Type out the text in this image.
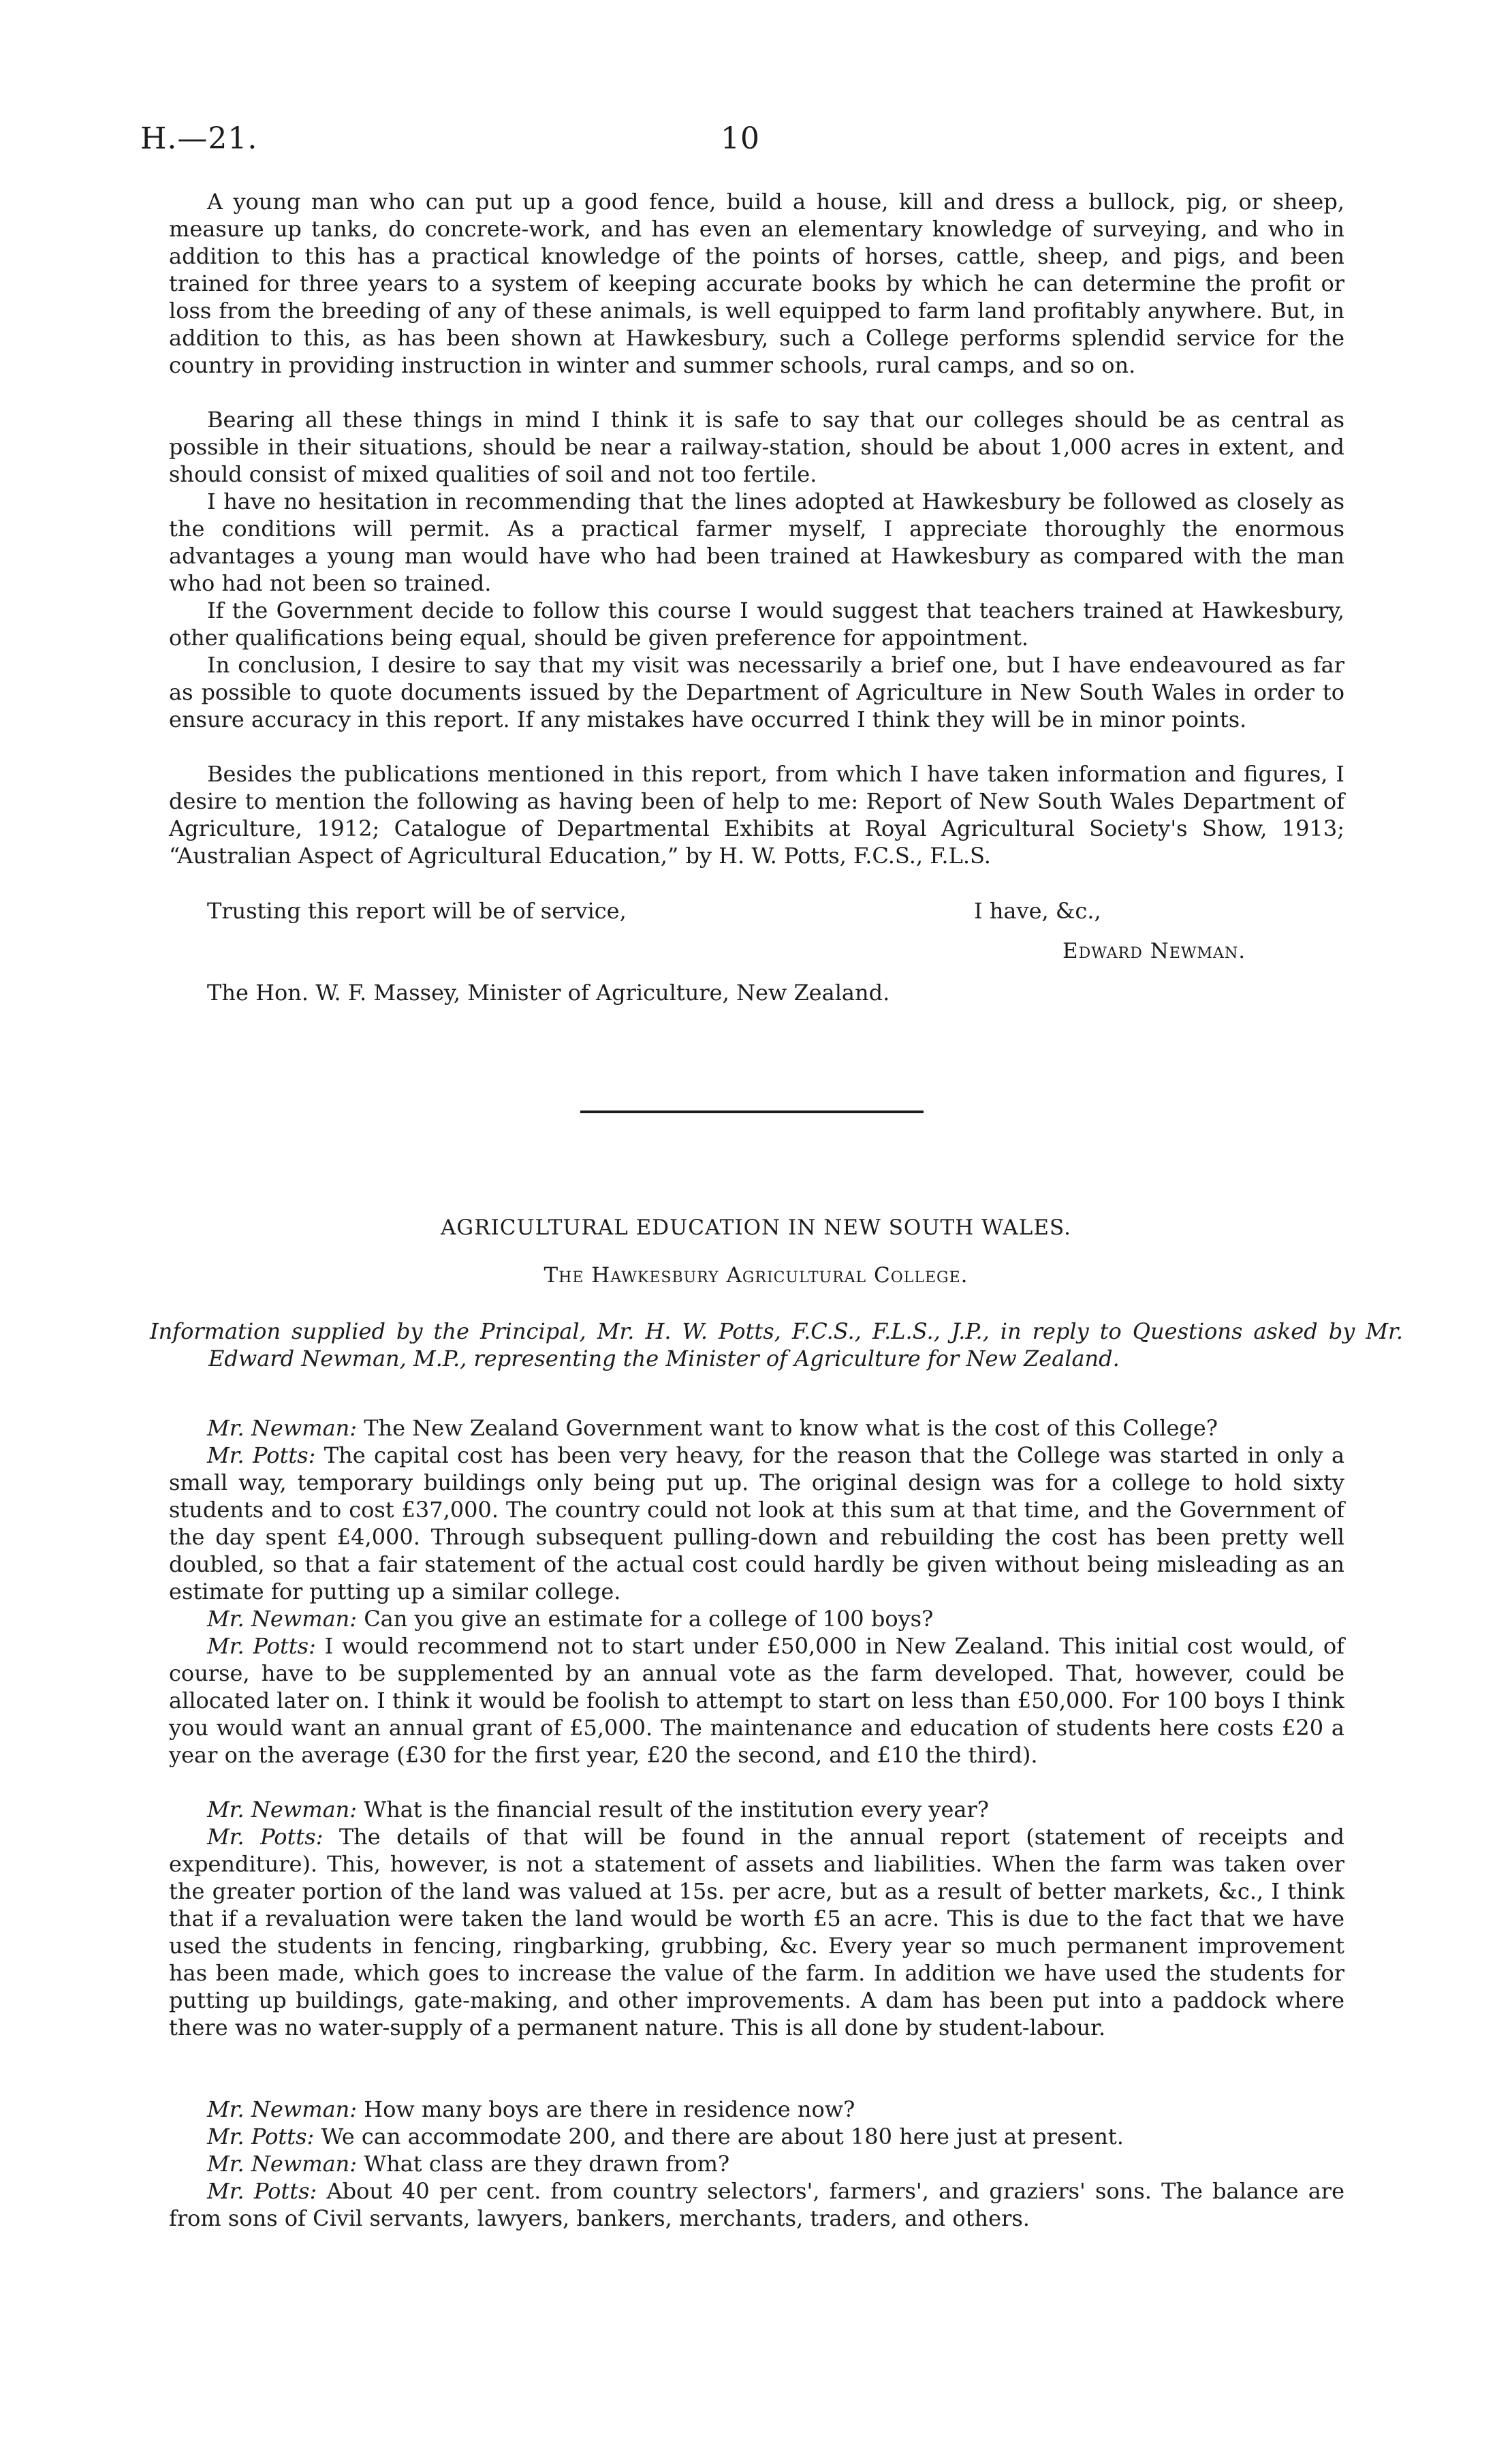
H.—21.	10

A young man who can put up a good fence, build a house, kill and dress a bullock, pig, or sheep, measure up tanks, do concrete-work, and has even an elementary knowledge of surveying, and who in addition to this has a practical knowledge of the points of horses, cattle, sheep, and pigs, and been trained for three years to a system of keeping accurate books by which he can determine the profit or loss from the breeding of any of these animals, is well equipped to farm land profitably anywhere. But, in addition to this, as has been shown at Hawkesbury, such a College performs splendid service for the country in providing instruction in winter and summer schools, rural camps, and so on.

Bearing all these things in mind I think it is safe to say that our colleges should be as central as possible in their situations, should be near a railway-station, should be about 1,000 acres in extent, and should consist of mixed qualities of soil and not too fertile.

I have no hesitation in recommending that the lines adopted at Hawkesbury be followed as closely as the conditions will permit. As a practical farmer myself, I appreciate thoroughly the enormous advantages a young man would have who had been trained at Hawkesbury as compared with the man who had not been so trained.

If the Government decide to follow this course I would suggest that teachers trained at Hawkesbury, other qualifications being equal, should be given preference for appointment.

In conclusion, I desire to say that my visit was necessarily a brief one, but I have endeavoured as far as possible to quote documents issued by the Department of Agriculture in New South Wales in order to ensure accuracy in this report. If any mistakes have occurred I think they will be in minor points.

Besides the publications mentioned in this report, from which I have taken information and figures, I desire to mention the following as having been of help to me: Report of New South Wales Department of Agriculture, 1912; Catalogue of Departmental Exhibits at Royal Agricultural Society's Show, 1913; “Australian Aspect of Agricultural Education,” by H. W. Potts, F.C.S., F.L.S.

Trusting this report will be of service,	I have, &c.,
Edward Newman.
The Hon. W. F. Massey, Minister of Agriculture, New Zealand.
AGRICULTURAL EDUCATION IN NEW SOUTH WALES.
The Hawkesbury Agricultural College.

Information supplied by the Principal, Mr. H. W. Potts, F.C.S., F.L.S., J.P., in reply to Questions asked by Mr. Edward Newman, M.P., representing the Minister of Agriculture for New Zealand.

Mr. Newman: The New Zealand Government want to know what is the cost of this College?

Mr. Potts: The capital cost has been very heavy, for the reason that the College was started in only a small way, temporary buildings only being put up. The original design was for a college to hold sixty students and to cost £37,000. The country could not look at this sum at that time, and the Government of the day spent £4,000. Through subsequent pulling-down and rebuilding the cost has been pretty well doubled, so that a fair statement of the actual cost could hardly be given without being misleading as an estimate for putting up a similar college.

Mr. Newman: Can you give an estimate for a college of 100 boys?

Mr. Potts: I would recommend not to start under £50,000 in New Zealand. This initial cost would, of course, have to be supplemented by an annual vote as the farm developed. That, however, could be allocated later on. I think it would be foolish to attempt to start on less than £50,000. For 100 boys I think you would want an annual grant of £5,000. The maintenance and education of students here costs £20 a year on the average (£30 for the first year, £20 the second, and £10 the third).

Mr. Newman: What is the financial result of the institution every year?

Mr. Potts: The details of that will be found in the annual report (statement of receipts and expenditure). This, however, is not a statement of assets and liabilities. When the farm was taken over the greater portion of the land was valued at 15s. per acre, but as a result of better markets, &c., I think that if a revaluation were taken the land would be worth £5 an acre. This is due to the fact that we have used the students in fencing, ringbarking, grubbing, &c. Every year so much permanent improvement has been made, which goes to increase the value of the farm. In addition we have used the students for putting up buildings, gate-making, and other improvements. A dam has been put into a paddock where there was no water-supply of a permanent nature. This is all done by student-labour.

Mr. Newman: How many boys are there in residence now?

Mr. Potts: We can accommodate 200, and there are about 180 here just at present.

Mr. Newman: What class are they drawn from?

Mr. Potts: About 40 per cent. from country selectors', farmers', and graziers' sons. The balance are from sons of Civil servants, lawyers, bankers, merchants, traders, and others.
